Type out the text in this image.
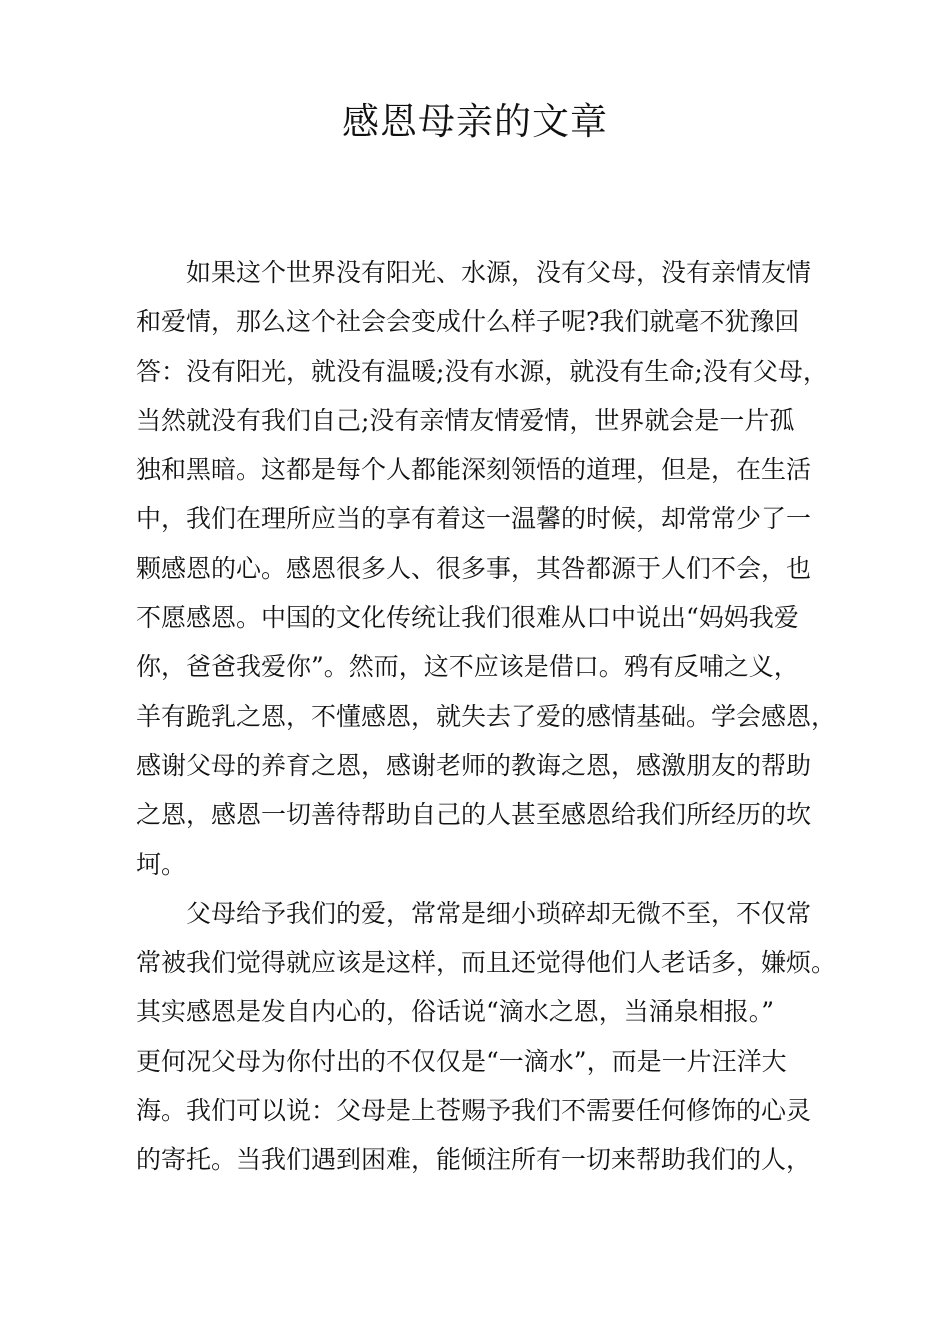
感恩母亲的文章

如果这个世界没有阳光、水源，没有父母，没有亲情友情
和爱情，那么这个社会会变成什么样子呢?我们就毫不犹豫回
答：没有阳光，就没有温暖;没有水源，就没有生命;没有父母，
当然就没有我们自己;没有亲情友情爱情，世界就会是一片孤
独和黑暗。这都是每个人都能深刻领悟的道理，但是，在生活
中，我们在理所应当的享有着这一温馨的时候，却常常少了一
颗感恩的心。感恩很多人、很多事，其咎都源于人们不会，也
不愿感恩。中国的文化传统让我们很难从口中说出“妈妈我爱
你，爸爸我爱你”。然而，这不应该是借口。鸦有反哺之义，
羊有跪乳之恩，不懂感恩，就失去了爱的感情基础。学会感恩，
感谢父母的养育之恩，感谢老师的教诲之恩，感激朋友的帮助
之恩，感恩一切善待帮助自己的人甚至感恩给我们所经历的坎
坷。

父母给予我们的爱，常常是细小琐碎却无微不至，不仅常
常被我们觉得就应该是这样，而且还觉得他们人老话多，嫌烦。
其实感恩是发自内心的，俗话说“滴水之恩，当涌泉相报。”
更何况父母为你付出的不仅仅是“一滴水”，而是一片汪洋大
海。我们可以说：父母是上苍赐予我们不需要任何修饰的心灵
的寄托。当我们遇到困难，能倾注所有一切来帮助我们的人，
